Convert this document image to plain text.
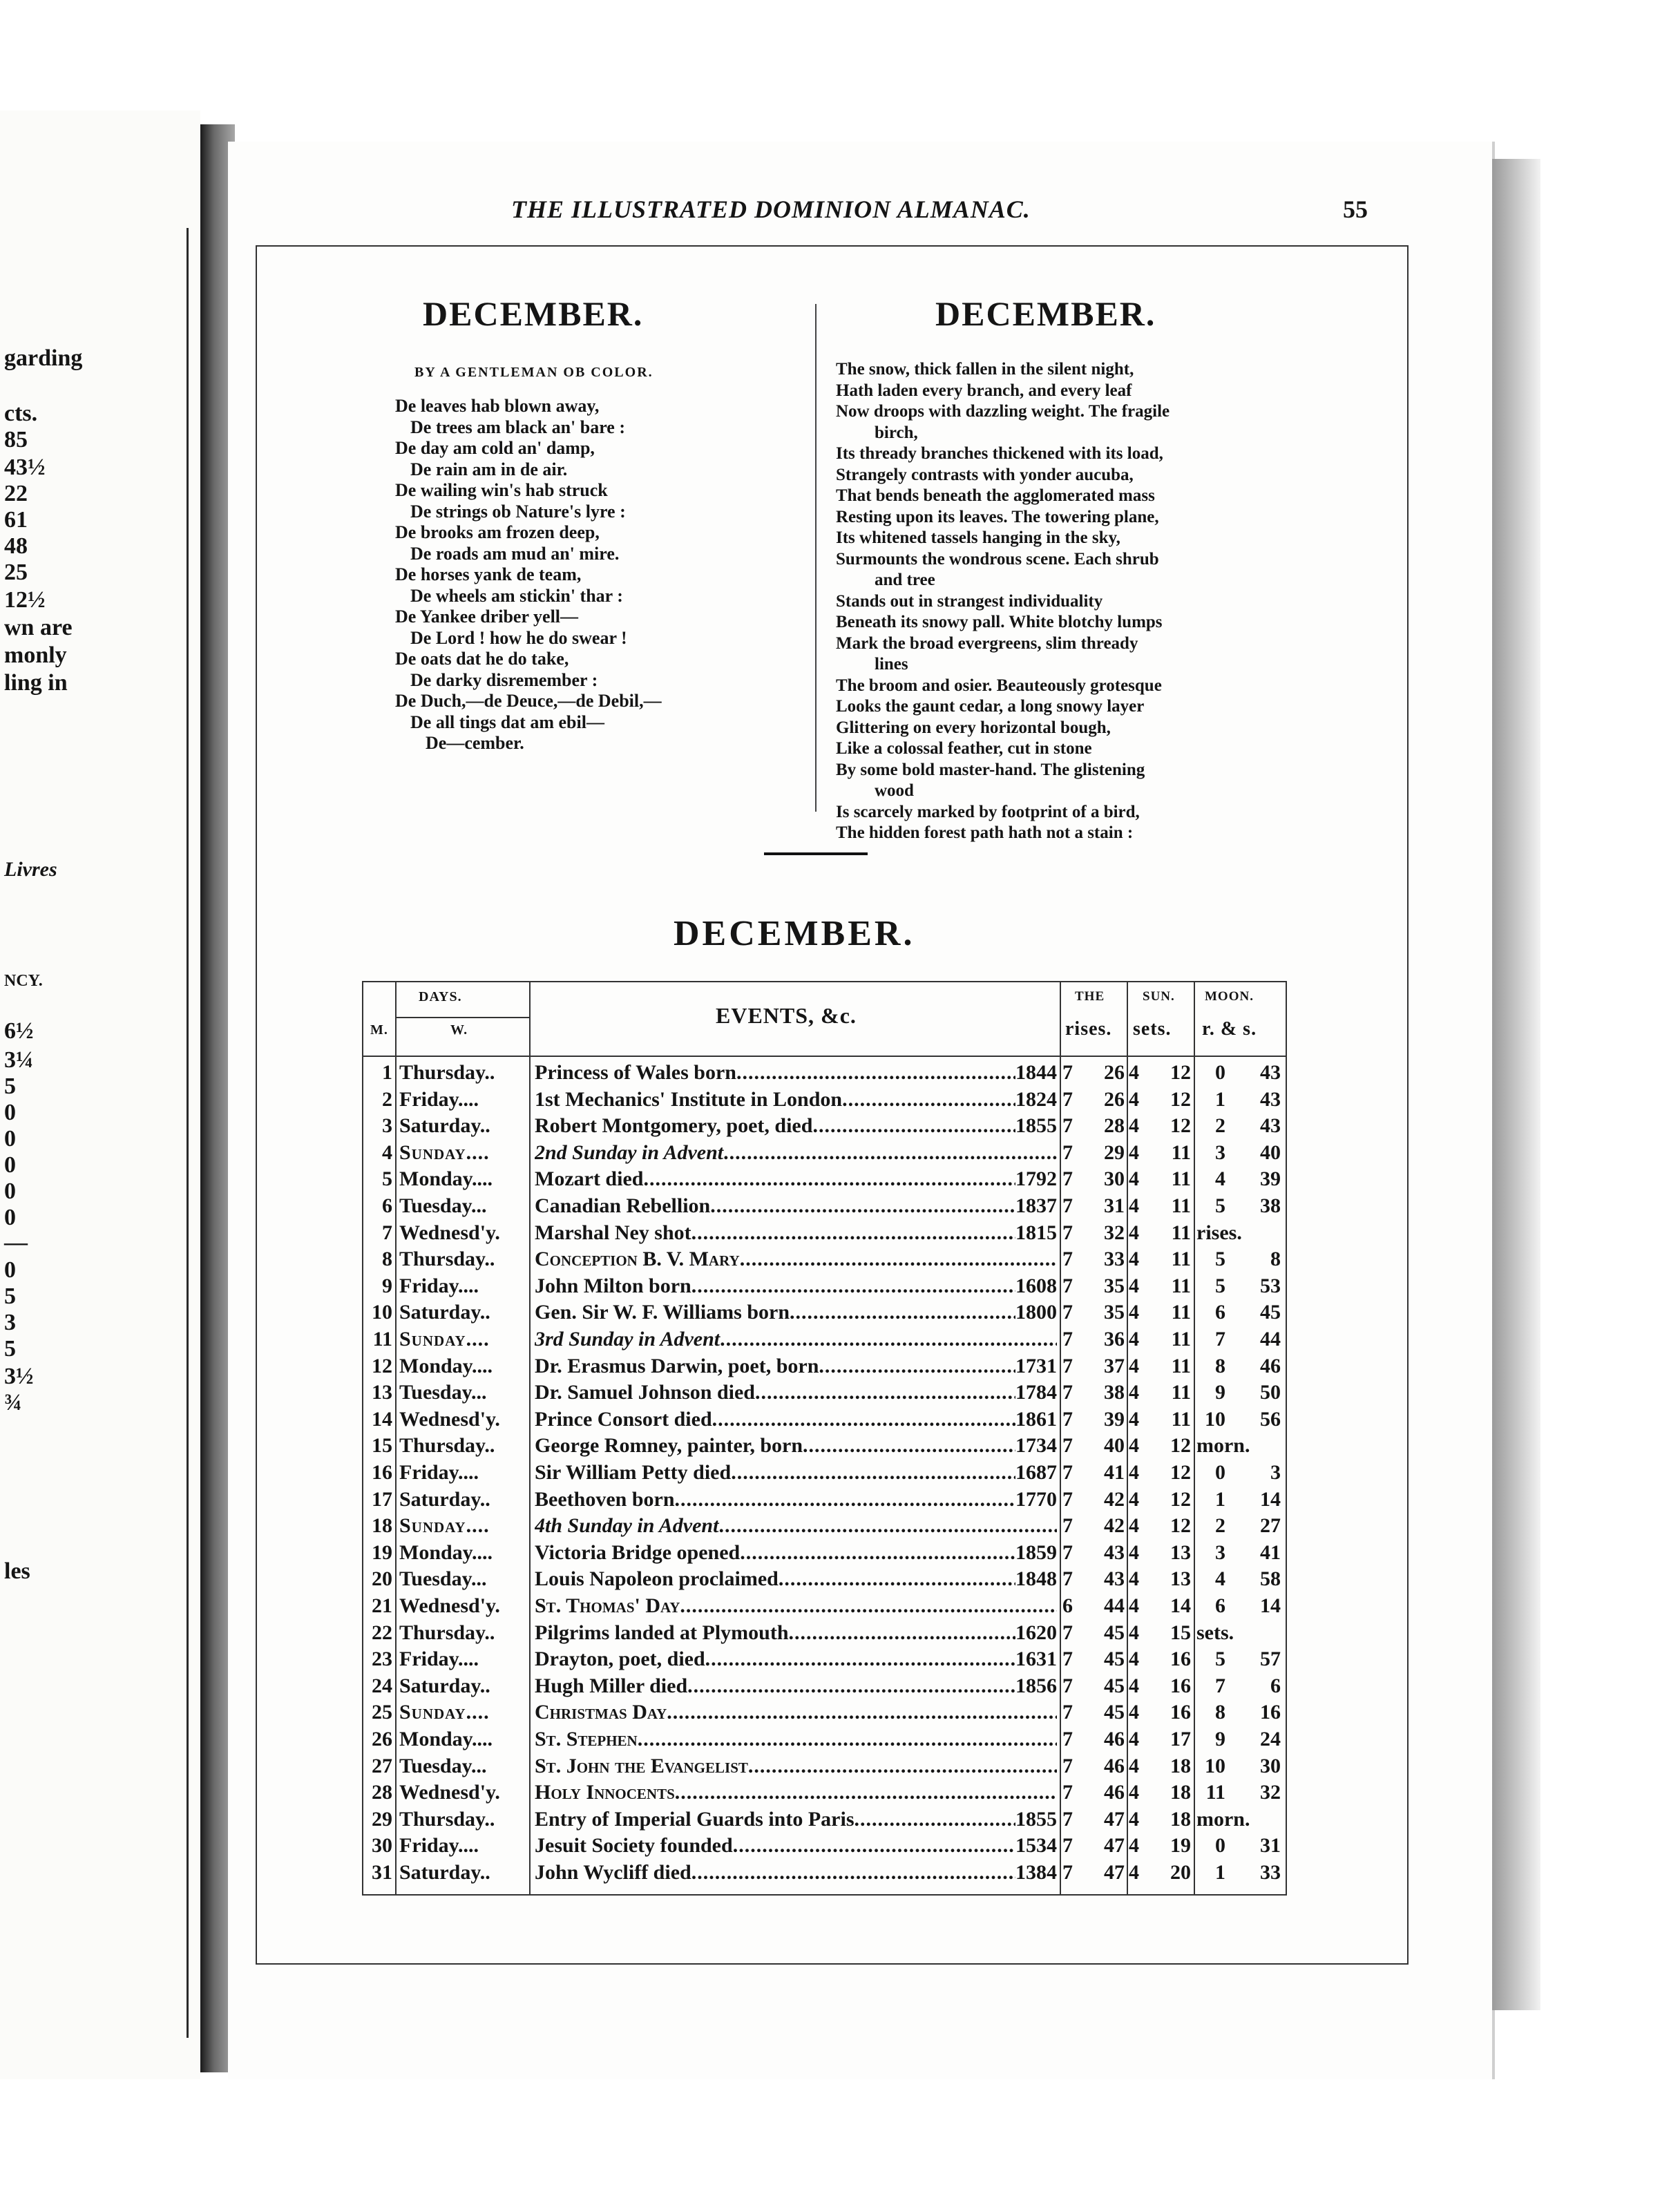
garding
cts.
85
43½
22
61
48
25
12½
wn are
monly
ling in
Livres
NCY.
6½
3¼
5
0
0
0
0
0
—
0
5
3
5
3½
¾
les
THE ILLUSTRATED DOMINION ALMANAC.	55
DECEMBER.
BY A GENTLEMAN OB COLOR.
De leaves hab blown away,
De trees am black an' bare :
De day am cold an' damp,
De rain am in de air.
De wailing win's hab struck
De strings ob Nature's lyre :
De brooks am frozen deep,
De roads am mud an' mire.
De horses yank de team,
De wheels am stickin' thar :
De Yankee driber yell—
De Lord ! how he do swear !
De oats dat he do take,
De darky disremember :
De Duch,—de Deuce,—de Debil,—
De all tings dat am ebil—
De—cember.
DECEMBER.
The snow, thick fallen in the silent night,
Hath laden every branch, and every leaf
Now droops with dazzling weight. The fragile
birch,
Its thready branches thickened with its load,
Strangely contrasts with yonder aucuba,
That bends beneath the agglomerated mass
Resting upon its leaves. The towering plane,
Its whitened tassels hanging in the sky,
Surmounts the wondrous scene. Each shrub
and tree
Stands out in strangest individuality
Beneath its snowy pall. White blotchy lumps
Mark the broad evergreens, slim thready
lines
The broom and osier. Beauteously grotesque
Looks the gaunt cedar, a long snowy layer
Glittering on every horizontal bough,
Like a colossal feather, cut in stone
By some bold master-hand. The glistening
wood
Is scarcely marked by footprint of a bird,
The hidden forest path hath not a stain :
DECEMBER.
DAYS.
M.	W.
EVENTS, &c.
THE	SUN.
rises. sets.
MOON.
r. & s.
1 Thursday..	Princess of Wales born .....	1844 7	26 4	12	0	43
2 Friday....	1st Mechanics' Institute in London .....	1824 7	26 4	12	1	43
3 Saturday..	Robert Montgomery, poet, died .....	1855 7	28 4	12	2	43
4 Sunday....	2nd Sunday in Advent .....	7	29 4	11	3	40
5 Monday....	Mozart died .....	1792 7	30 4	11	4	39
6 Tuesday...	Canadian Rebellion .....	1837 7	31 4	11	5	38
7 Wednesd'y.	Marshal Ney shot .....	1815 7	32 4	11 rises.
8 Thursday..	Conception B. V. Mary .....	7	33 4	11	5	8
9 Friday....	John Milton born .....	1608 7	35 4	11	5	53
10 Saturday..	Gen. Sir W. F. Williams born .....	1800 7	35 4	11	6	45
11 Sunday....	3rd Sunday in Advent .....	7	36 4	11	7	44
12 Monday....	Dr. Erasmus Darwin, poet, born .....	1731 7	37 4	11	8	46
13 Tuesday...	Dr. Samuel Johnson died .....	1784 7	38 4	11	9	50
14 Wednesd'y.	Prince Consort died .....	1861 7	39 4	11 10	56
15 Thursday..	George Romney, painter, born .....	1734 7	40 4	12 morn.
16 Friday....	Sir William Petty died .....	1687 7	41 4	12	0	3
17 Saturday..	Beethoven born .....	1770 7	42 4	12	1	14
18 Sunday....	4th Sunday in Advent .....	7	42 4	12	2	27
19 Monday....	Victoria Bridge opened .....	1859 7	43 4	13	3	41
20 Tuesday...	Louis Napoleon proclaimed .....	1848 7	43 4	13	4	58
21 Wednesd'y.	St. Thomas' Day .....	6	44 4	14	6	14
22 Thursday..	Pilgrims landed at Plymouth .....	1620 7	45 4	15 sets.
23 Friday....	Drayton, poet, died .....	1631 7	45 4	16	5	57
24 Saturday..	Hugh Miller died .....	1856 7	45 4	16	7	6
25 Sunday....	Christmas Day .....	7	45 4	16	8	16
26 Monday....	St. Stephen .....	7	46 4	17	9	24
27 Tuesday...	St. John the Evangelist .....	7	46 4	18 10	30
28 Wednesd'y.	Holy Innocents .....	7	46 4	18 11	32
29 Thursday..	Entry of Imperial Guards into Paris .....	1855 7	47 4	18 morn.
30 Friday....	Jesuit Society founded .....	1534 7	47 4	19	0	31
31 Saturday..	John Wycliff died .....	1384 7	47 4	20	1	33
